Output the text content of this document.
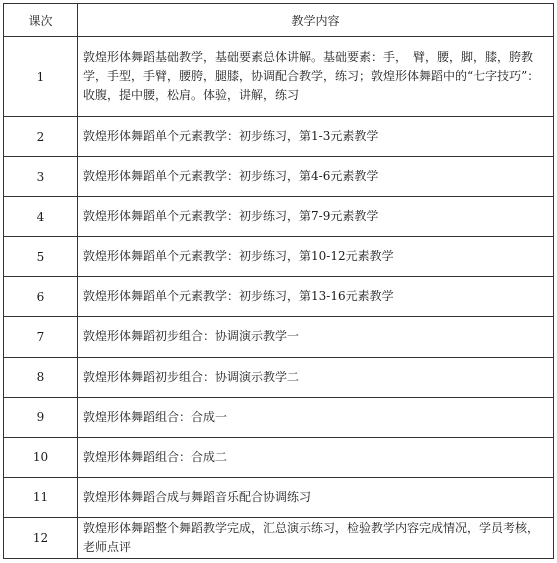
课次	教学内容
1	敦煌形体舞蹈基础教学，基础要素总体讲解。基础要素：手，　臂，腰，脚，膝，胯教学，手型，手臂，腰胯，腿膝，协调配合教学，练习；敦煌形体舞蹈中的“七字技巧”：收腹，提中腰，松肩。体验，讲解，练习
2	敦煌形体舞蹈单个元素教学：初步练习，第1-3元素教学
3	敦煌形体舞蹈单个元素教学：初步练习，第4-6元素教学
4	敦煌形体舞蹈单个元素教学：初步练习，第7-9元素教学
5	敦煌形体舞蹈单个元素教学：初步练习，第10-12元素教学
6	敦煌形体舞蹈单个元素教学：初步练习，第13-16元素教学
7	敦煌形体舞蹈初步组合：协调演示教学一
8	敦煌形体舞蹈初步组合：协调演示教学二
9	敦煌形体舞蹈组合：合成一
10	敦煌形体舞蹈组合：合成二
11	敦煌形体舞蹈合成与舞蹈音乐配合协调练习
12	敦煌形体舞蹈整个舞蹈教学完成，汇总演示练习，检验教学内容完成情况，学员考核，老师点评
